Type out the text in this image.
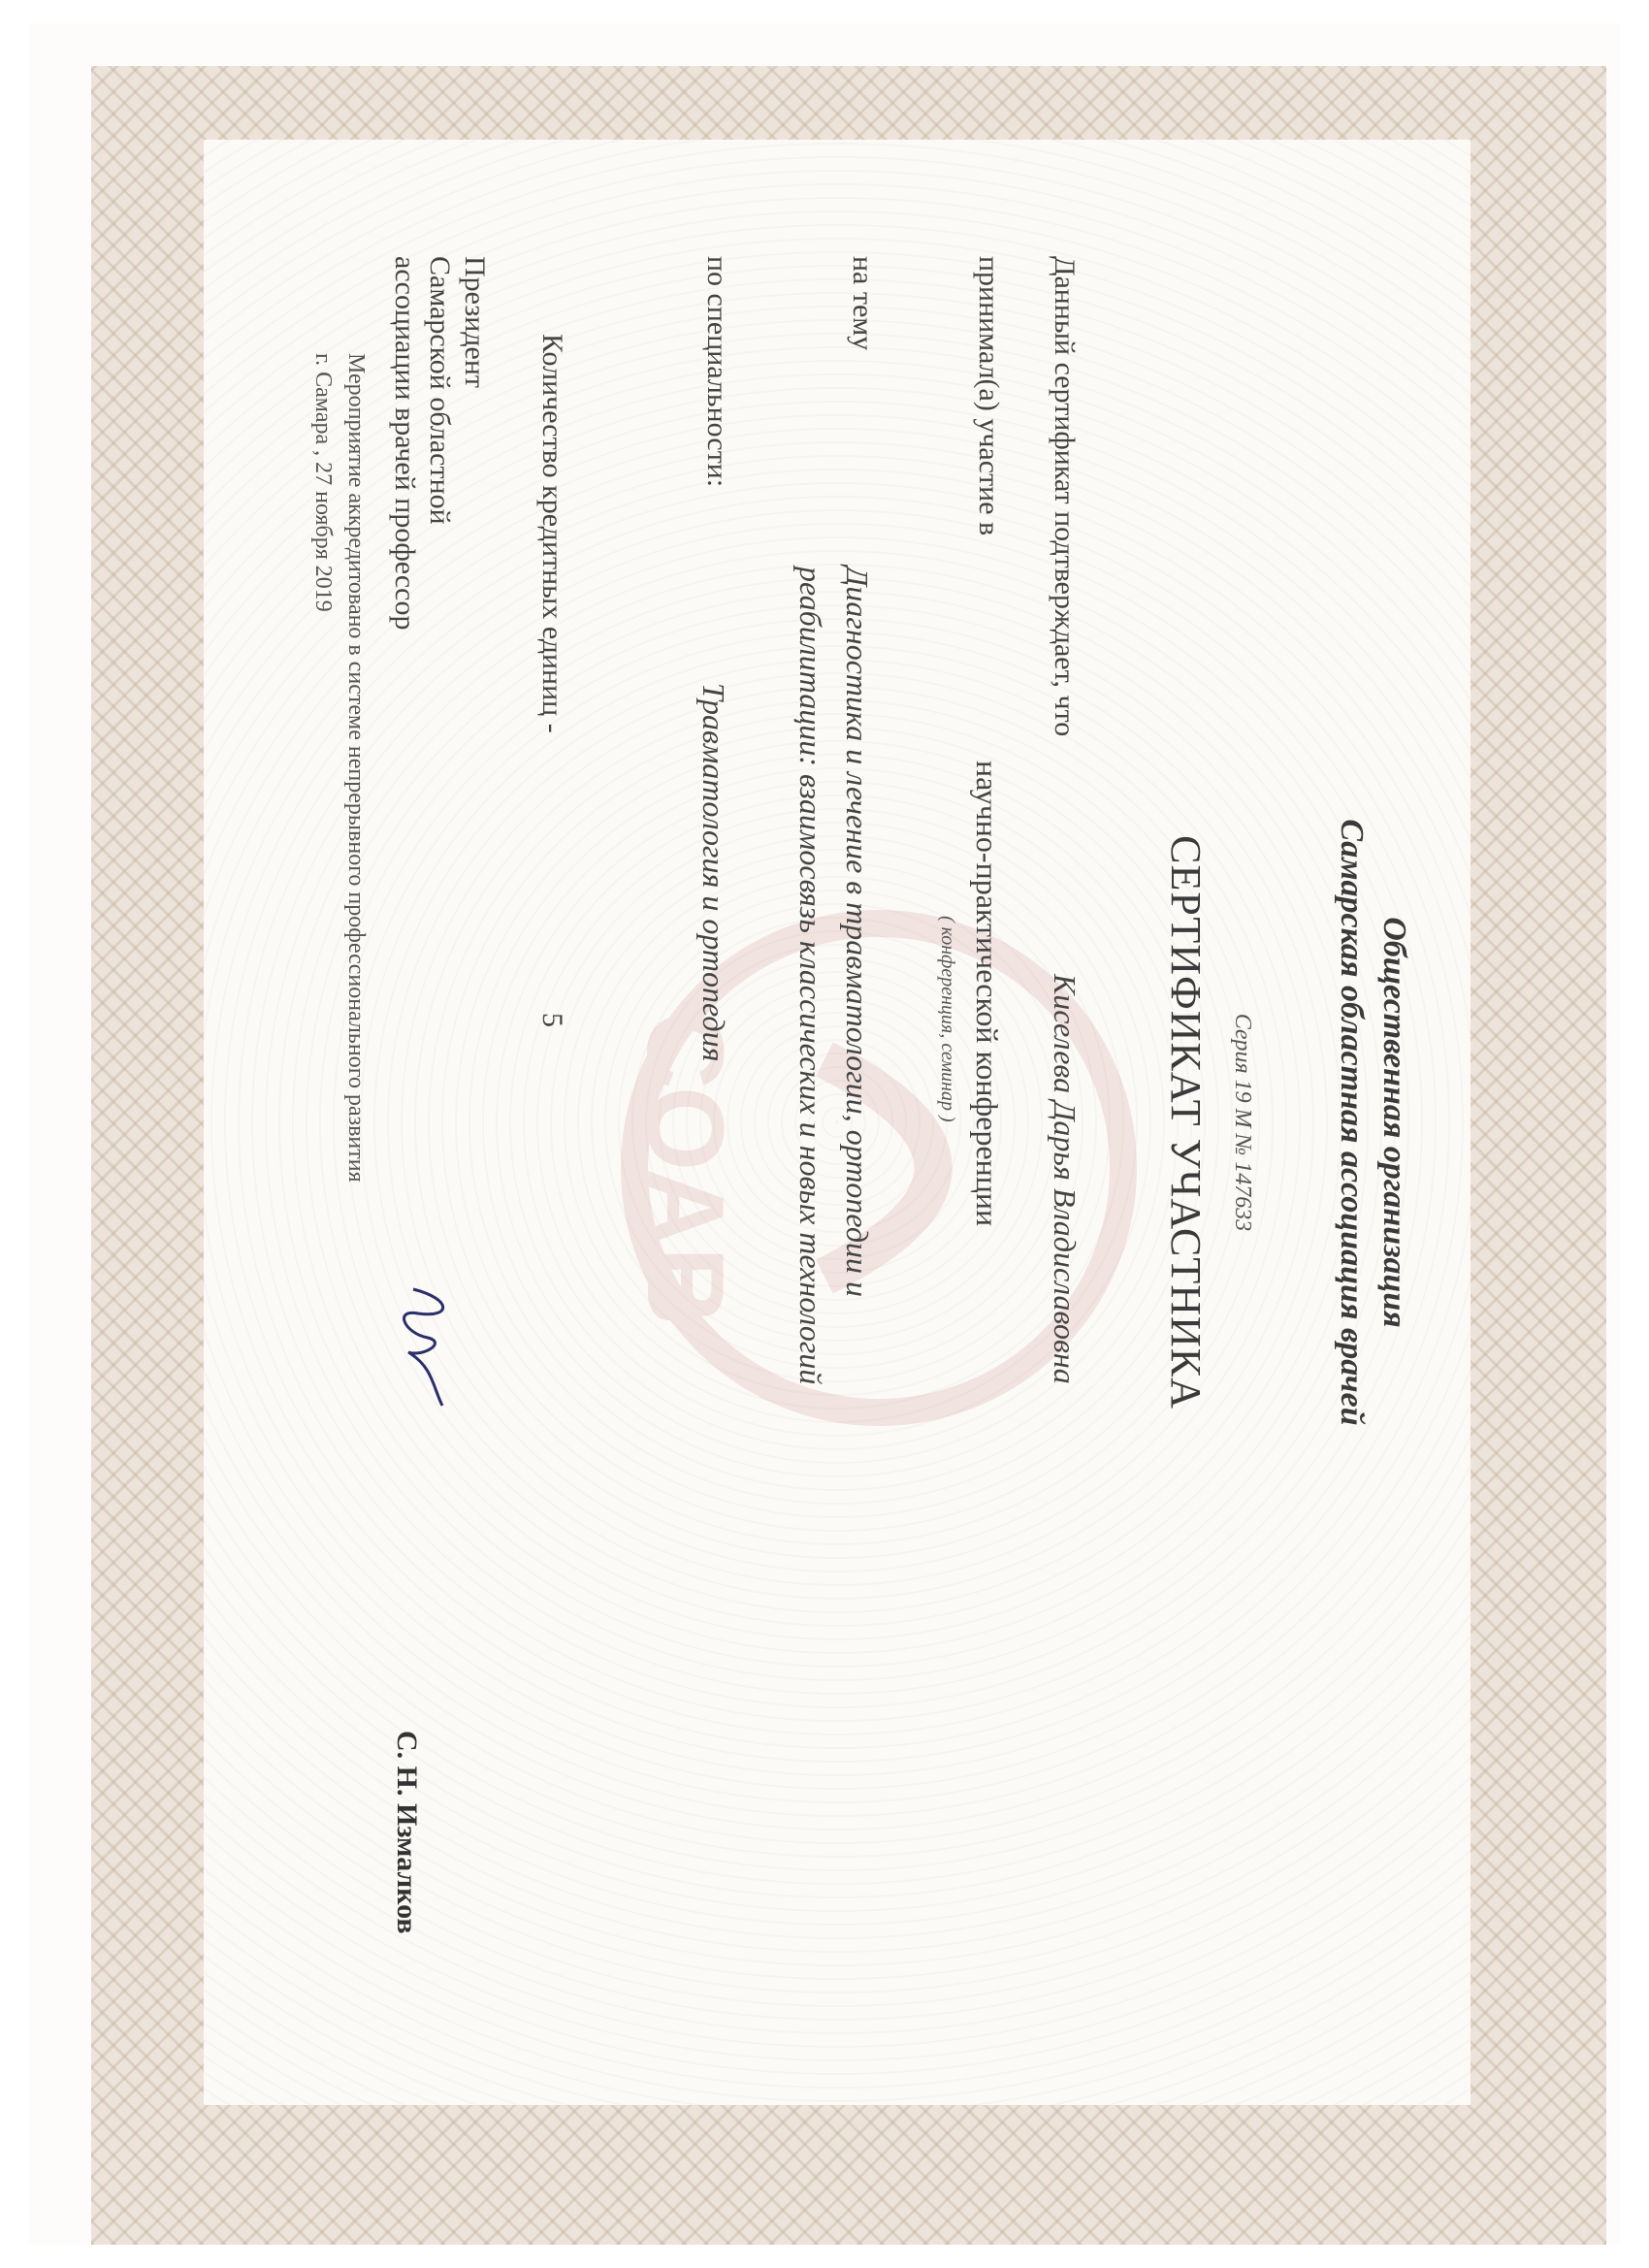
СОАВ	Общественная организация
Самарская областная ассоциация врачей
Серия 19 М № 147633
СЕРТИФИКАТ УЧАСТНИКА
Данный сертификат подтверждает, что
Киселева Дарья Владиславовна
принимал(а) участие в
научно-практической конференции
( конференция, семинар )
на тему
Диагностика и лечение в травматологии, ортопедии и
реабилитации: взаимосвязь классических и новых технологий
по специальности:
Травматология и ортопедия
Количество кредитных единиц -
5
Президент
Самарской областной
ассоциации врачей профессор
С. Н. Измалков
Мероприятие аккредитовано в системе непрерывного профессионального развития
г. Самара , 27 ноября 2019
